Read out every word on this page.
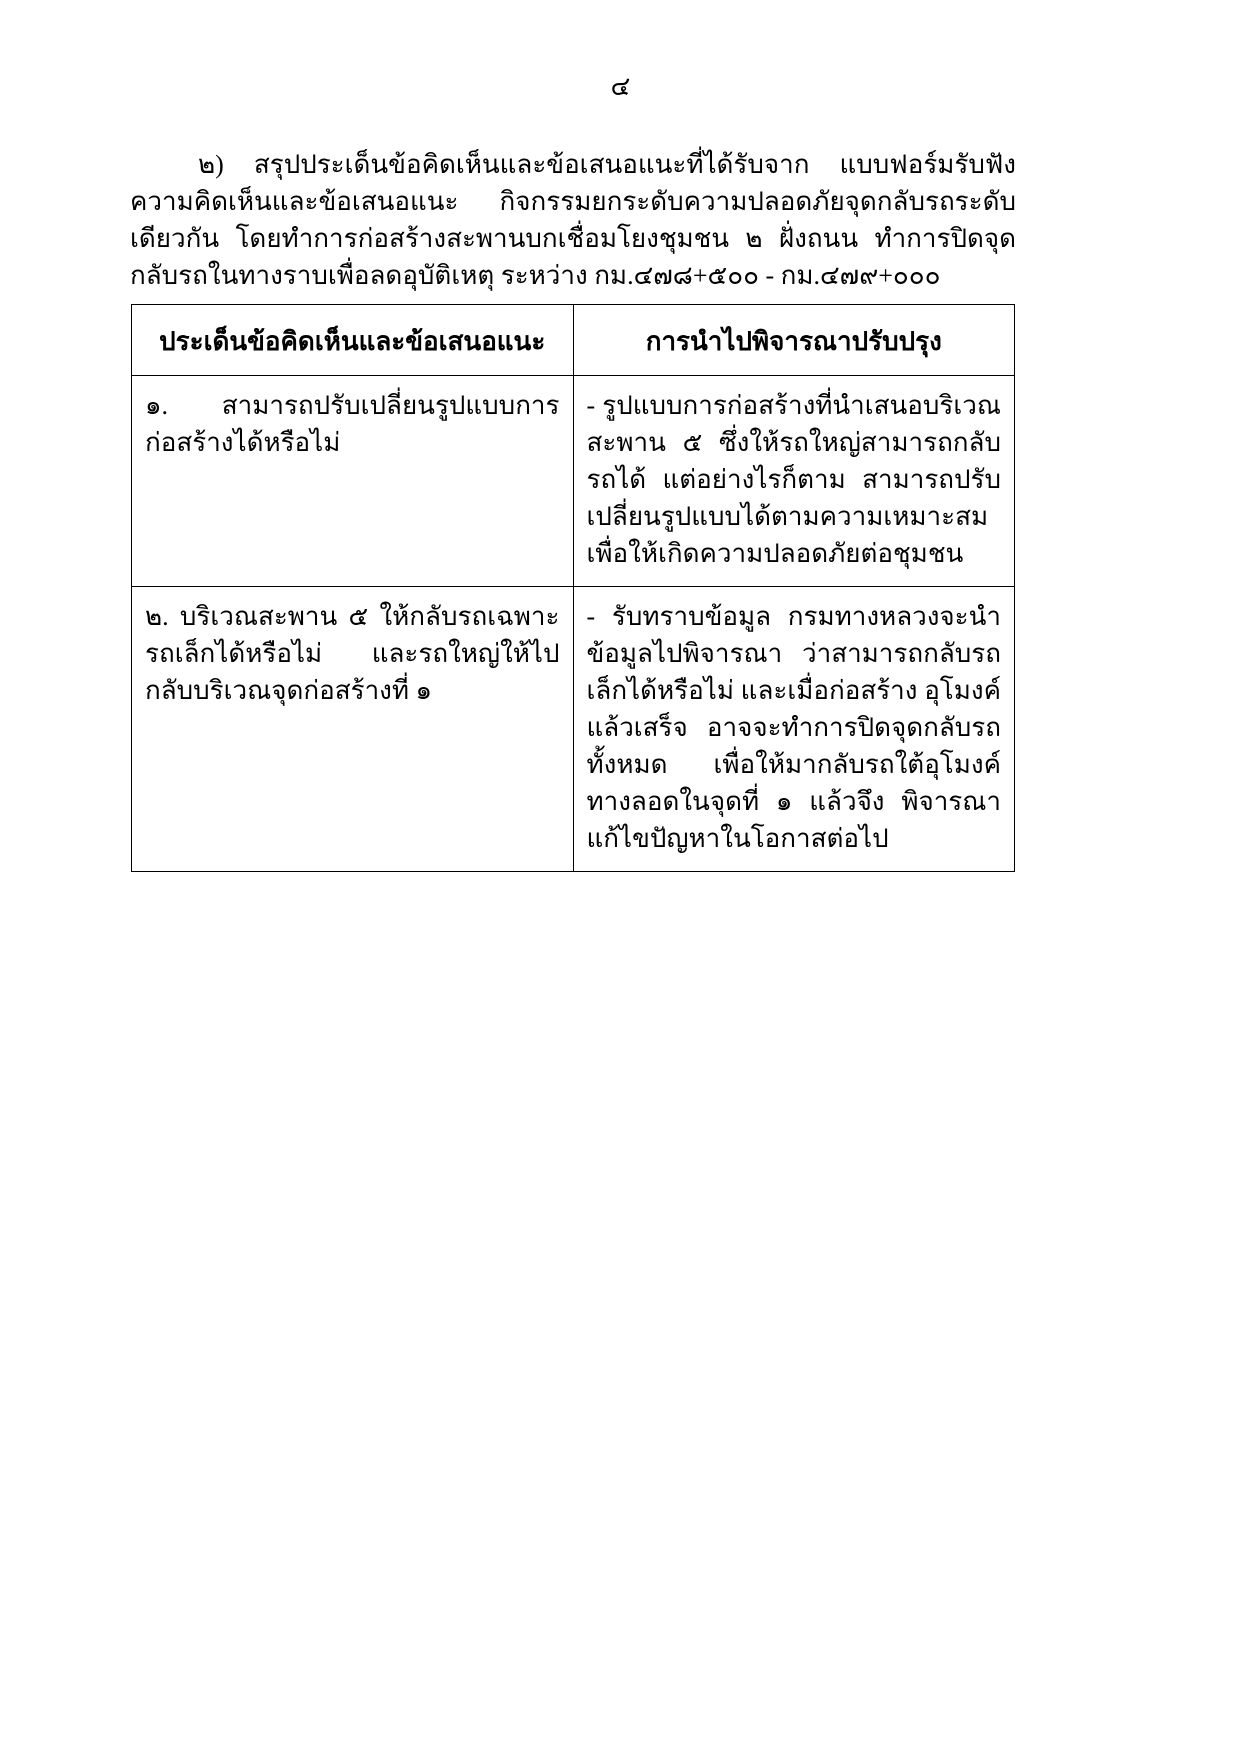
๔

๒) สรุปประเด็นข้อคิดเห็นและข้อเสนอแนะที่ได้รับจาก แบบฟอร์มรับฟังความคิดเห็นและข้อเสนอแนะ กิจกรรมยกระดับความปลอดภัยจุดกลับรถระดับเดียวกัน โดยทำการก่อสร้างสะพานบกเชื่อมโยงชุมชน ๒ ฝั่งถนน ทำการปิดจุดกลับรถในทางราบเพื่อลดอุบัติเหตุ ระหว่าง กม.๔๗๘+๕๐๐ - กม.๔๗๙+๐๐๐

ประเด็นข้อคิดเห็นและข้อเสนอแนะ	การนำไปพิจารณาปรับปรุง
๑. สามารถปรับเปลี่ยนรูปแบบการก่อสร้างได้หรือไม่	- รูปแบบการก่อสร้างที่นำเสนอบริเวณสะพาน ๕ ซึ่งให้รถใหญ่สามารถกลับรถได้ แต่อย่างไรก็ตาม สามารถปรับเปลี่ยนรูปแบบได้ตามความเหมาะสม เพื่อให้เกิดความปลอดภัยต่อชุมชน
๒. บริเวณสะพาน ๕ ให้กลับรถเฉพาะรถเล็กได้หรือไม่ และรถใหญ่ให้ไปกลับบริเวณจุดก่อสร้างที่ ๑	- รับทราบข้อมูล กรมทางหลวงจะนำข้อมูลไปพิจารณา ว่าสามารถกลับรถเล็กได้หรือไม่ และเมื่อก่อสร้าง อุโมงค์แล้วเสร็จ อาจจะทำการปิดจุดกลับรถทั้งหมด เพื่อให้มากลับรถใต้อุโมงค์ทางลอดในจุดที่ ๑ แล้วจึง พิจารณาแก้ไขปัญหาในโอกาสต่อไป
